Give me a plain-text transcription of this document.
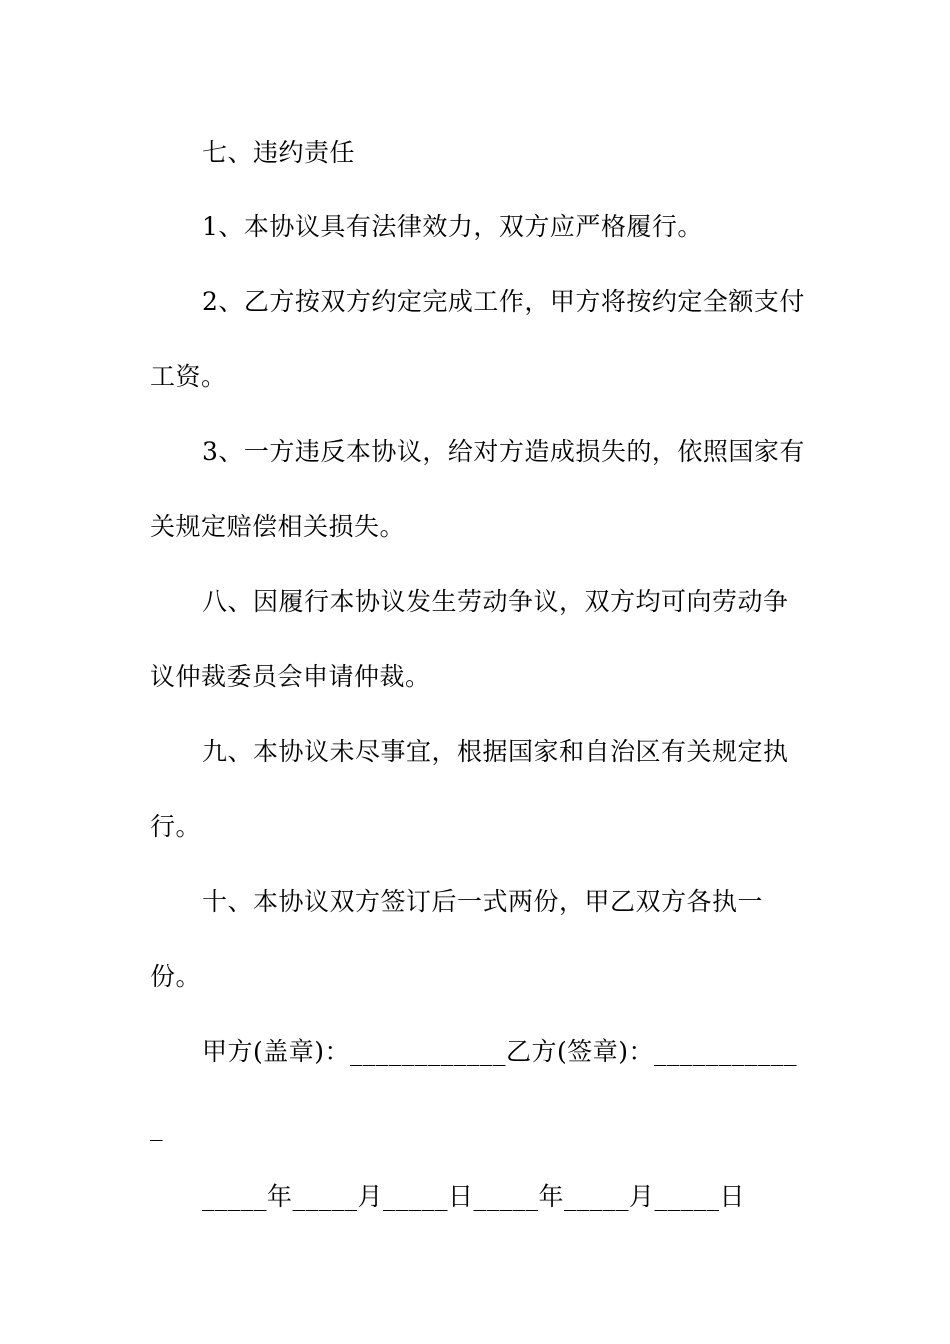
七、违约责任
1、本协议具有法律效力，双方应严格履行。
2、乙方按双方约定完成工作，甲方将按约定全额支付
工资。
3、一方违反本协议，给对方造成损失的，依照国家有
关规定赔偿相关损失。
八、因履行本协议发生劳动争议，双方均可向劳动争
议仲裁委员会申请仲裁。
九、本协议未尽事宜，根据国家和自治区有关规定执
行。
十、本协议双方签订后一式两份，甲乙双方各执一
份。
甲方(盖章)：____________乙方(签章)：___________
_
_____年_____月_____日_____年_____月_____日
